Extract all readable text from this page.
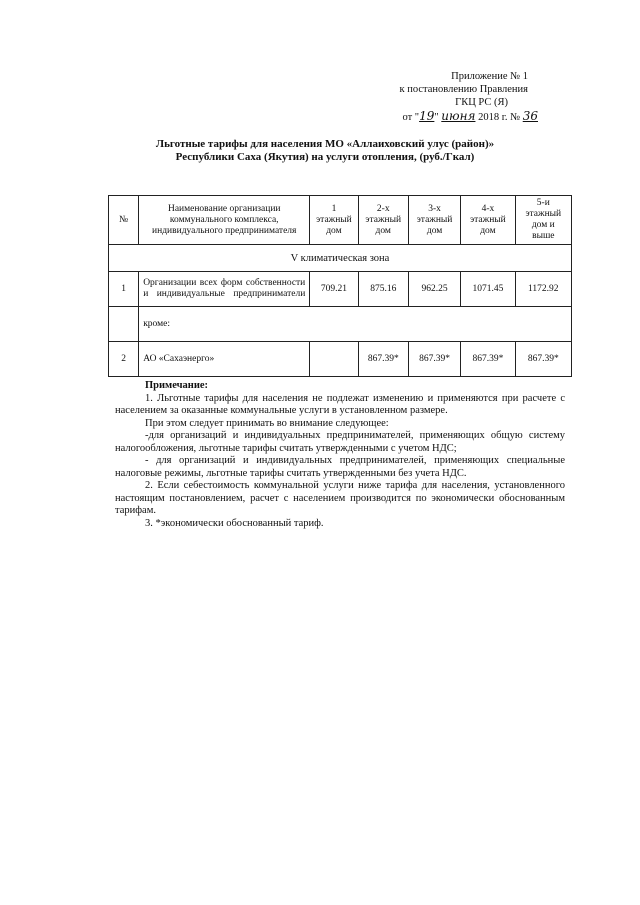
Приложение № 1
к постановлению Правления
ГКЦ РС (Я)
от "19" июня 2018 г. № 36
Льготные тарифы для населения МО «Аллаиховский улус (район)»
Республики Саха (Якутия) на услуги отопления, (руб./Гкал)
№	Наименование организации коммунального комплекса, индивидуального предпринимателя	1 этажный дом	2-х этажный дом	3-х этажный дом	4-х этажный дом	5-и этажный дом и выше
V климатическая зона						
1	Организации всех форм собственности и индивидуальные предприниматели	709.21	875.16	962.25	1071.45	1172.92
	кроме:					
2	АО «Сахаэнерго»		867.39*	867.39*	867.39*	867.39*

Примечание:

1. Льготные тарифы для населения не подлежат изменению и применяются при расчете с населением за оказанные коммунальные услуги в установленном размере.

При этом следует принимать во внимание следующее:

-для организаций и индивидуальных предпринимателей, применяющих общую систему налогообложения, льготные тарифы считать утвержденными с учетом НДС;

- для организаций и индивидуальных предпринимателей, применяющих специальные налоговые режимы, льготные тарифы считать утвержденными без учета НДС.

2. Если себестоимость коммунальной услуги ниже тарифа для населения, установленного настоящим постановлением, расчет с населением производится по экономически обоснованным тарифам.

3. *экономически обоснованный тариф.
